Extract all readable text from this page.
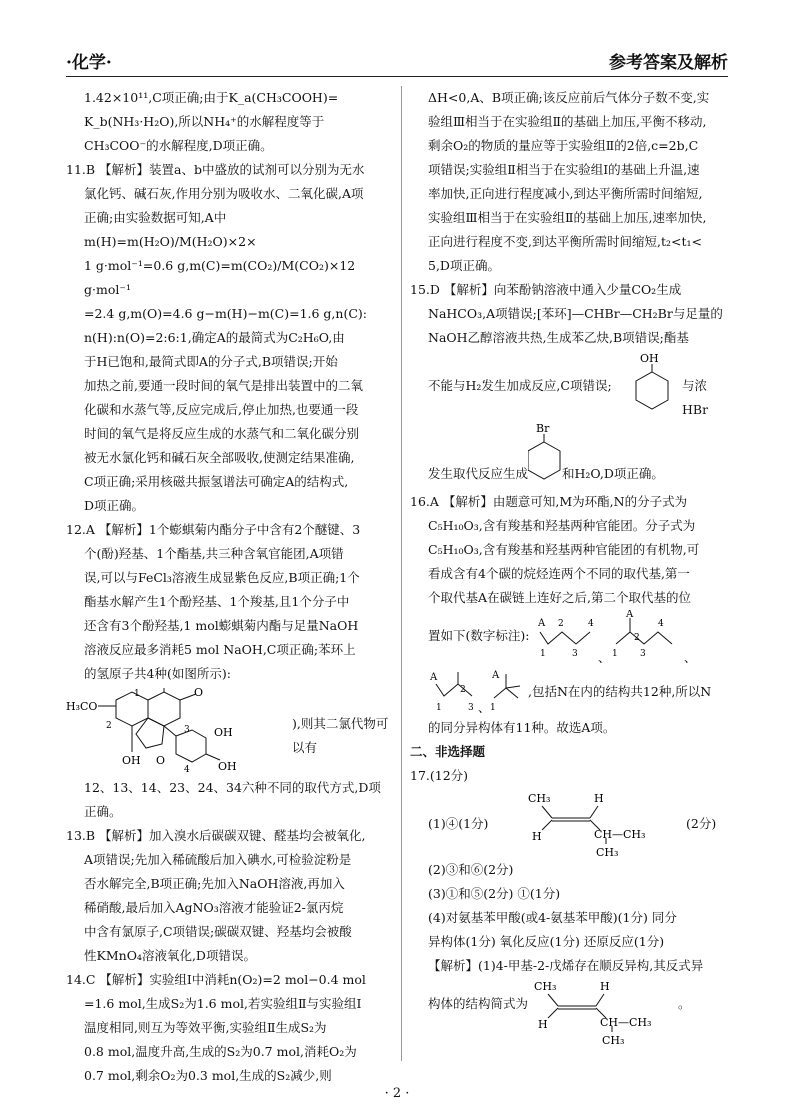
·化学·	参考答案及解析

1.42×10¹¹,C项正确;由于K_a(CH₃COOH)=

K_b(NH₃·H₂O),所以NH₄⁺的水解程度等于

CH₃COO⁻的水解程度,D项正确。

11.B 【解析】装置a、b中盛放的试剂可以分别为无水

氯化钙、碱石灰,作用分别为吸收水、二氧化碳,A项

正确;由实验数据可知,A中m(H)=m(H₂O)/M(H₂O)×2×

1 g·mol⁻¹=0.6 g,m(C)=m(CO₂)/M(CO₂)×12 g·mol⁻¹

=2.4 g,m(O)=4.6 g−m(H)−m(C)=1.6 g,n(C):

n(H):n(O)=2:6:1,确定A的最简式为C₂H₆O,由

于H已饱和,最简式即A的分子式,B项错误;开始

加热之前,要通一段时间的氧气是排出装置中的二氧

化碳和水蒸气等,反应完成后,停止加热,也要通一段

时间的氧气是将反应生成的水蒸气和二氧化碳分别

被无水氯化钙和碱石灰全部吸收,使测定结果准确,

C项正确;采用核磁共振氢谱法可确定A的结构式,

D项正确。

12.A 【解析】1个蟛蜞菊内酯分子中含有2个醚键、3

个(酚)羟基、1个酯基,共三种含氧官能团,A项错

误,可以与FeCl₃溶液生成显紫色反应,B项正确;1个

酯基水解产生1个酚羟基、1个羧基,且1个分子中

还含有3个酚羟基,1 mol蟛蜞菊内酯与足量NaOH

溶液反应最多消耗5 mol NaOH,C项正确;苯环上

的氢原子共4种(如图所示):

H₃CO
1	O
2
OH O
3
4
OH
OH
),则其二氯代物可以有

12、13、14、23、24、34六种不同的取代方式,D项

正确。

13.B 【解析】加入溴水后碳碳双键、醛基均会被氧化,

A项错误;先加入稀硫酸后加入碘水,可检验淀粉是

否水解完全,B项正确;先加入NaOH溶液,再加入

稀硝酸,最后加入AgNO₃溶液才能验证2-氯丙烷

中含有氯原子,C项错误;碳碳双键、羟基均会被酸

性KMnO₄溶液氧化,D项错误。

14.C 【解析】实验组Ⅰ中消耗n(O₂)=2 mol−0.4 mol

=1.6 mol,生成S₂为1.6 mol,若实验组Ⅱ与实验组Ⅰ

温度相同,则互为等效平衡,实验组Ⅱ生成S₂为

0.8 mol,温度升高,生成的S₂为0.7 mol,消耗O₂为

0.7 mol,剩余O₂为0.3 mol,生成的S₂减少,则

ΔH<0,A、B项正确;该反应前后气体分子数不变,实

验组Ⅲ相当于在实验组Ⅱ的基础上加压,平衡不移动,

剩余O₂的物质的量应等于实验组Ⅱ的2倍,c=2b,C

项错误;实验组Ⅱ相当于在实验组Ⅰ的基础上升温,速

率加快,正向进行程度减小,到达平衡所需时间缩短,

实验组Ⅲ相当于在实验组Ⅱ的基础上加压,速率加快,

正向进行程度不变,到达平衡所需时间缩短,t₂<t₁<

5,D项正确。

15.D 【解析】向苯酚钠溶液中通入少量CO₂生成

NaHCO₃,A项错误;[苯环]—CHBr—CH₂Br与足量的

NaOH乙醇溶液共热,生成苯乙炔,B项错误;酯基

不能与H₂发生加成反应,C项错误;
OH
与浓HBr
发生取代反应生成
Br
和H₂O,D项正确。

16.A 【解析】由题意可知,M为环酯,N的分子式为

C₅H₁₀O₃,含有羧基和羟基两种官能团。分子式为

C₅H₁₀O₃,含有羧基和羟基两种官能团的有机物,可

看成含有4个碳的烷烃连两个不同的取代基,第一

个取代基A在碳链上连好之后,第二个取代基的位

置如下(数字标注):
A
1
2
3
4
、
A
1
2
3
4
、
A
1
2
3 、
A
1
,包括N在内的结构共12种,所以N

的同分异构体有11种。故选A项。

二、非选择题

17.(12分)

(1)④(1分)
CH₃	H
H	CH—CH₃
CH₃
(2分)

(2)③和⑥(2分)

(3)①和⑤(2分) ①(1分)

(4)对氨基苯甲酸(或4-氨基苯甲酸)(1分) 同分

异构体(1分) 氧化反应(1分) 还原反应(1分)

【解析】(1)4-甲基-2-戊烯存在顺反异构,其反式异

构体的结构简式为
CH₃	H
H	CH—CH₃
CH₃
。
· 2 ·
